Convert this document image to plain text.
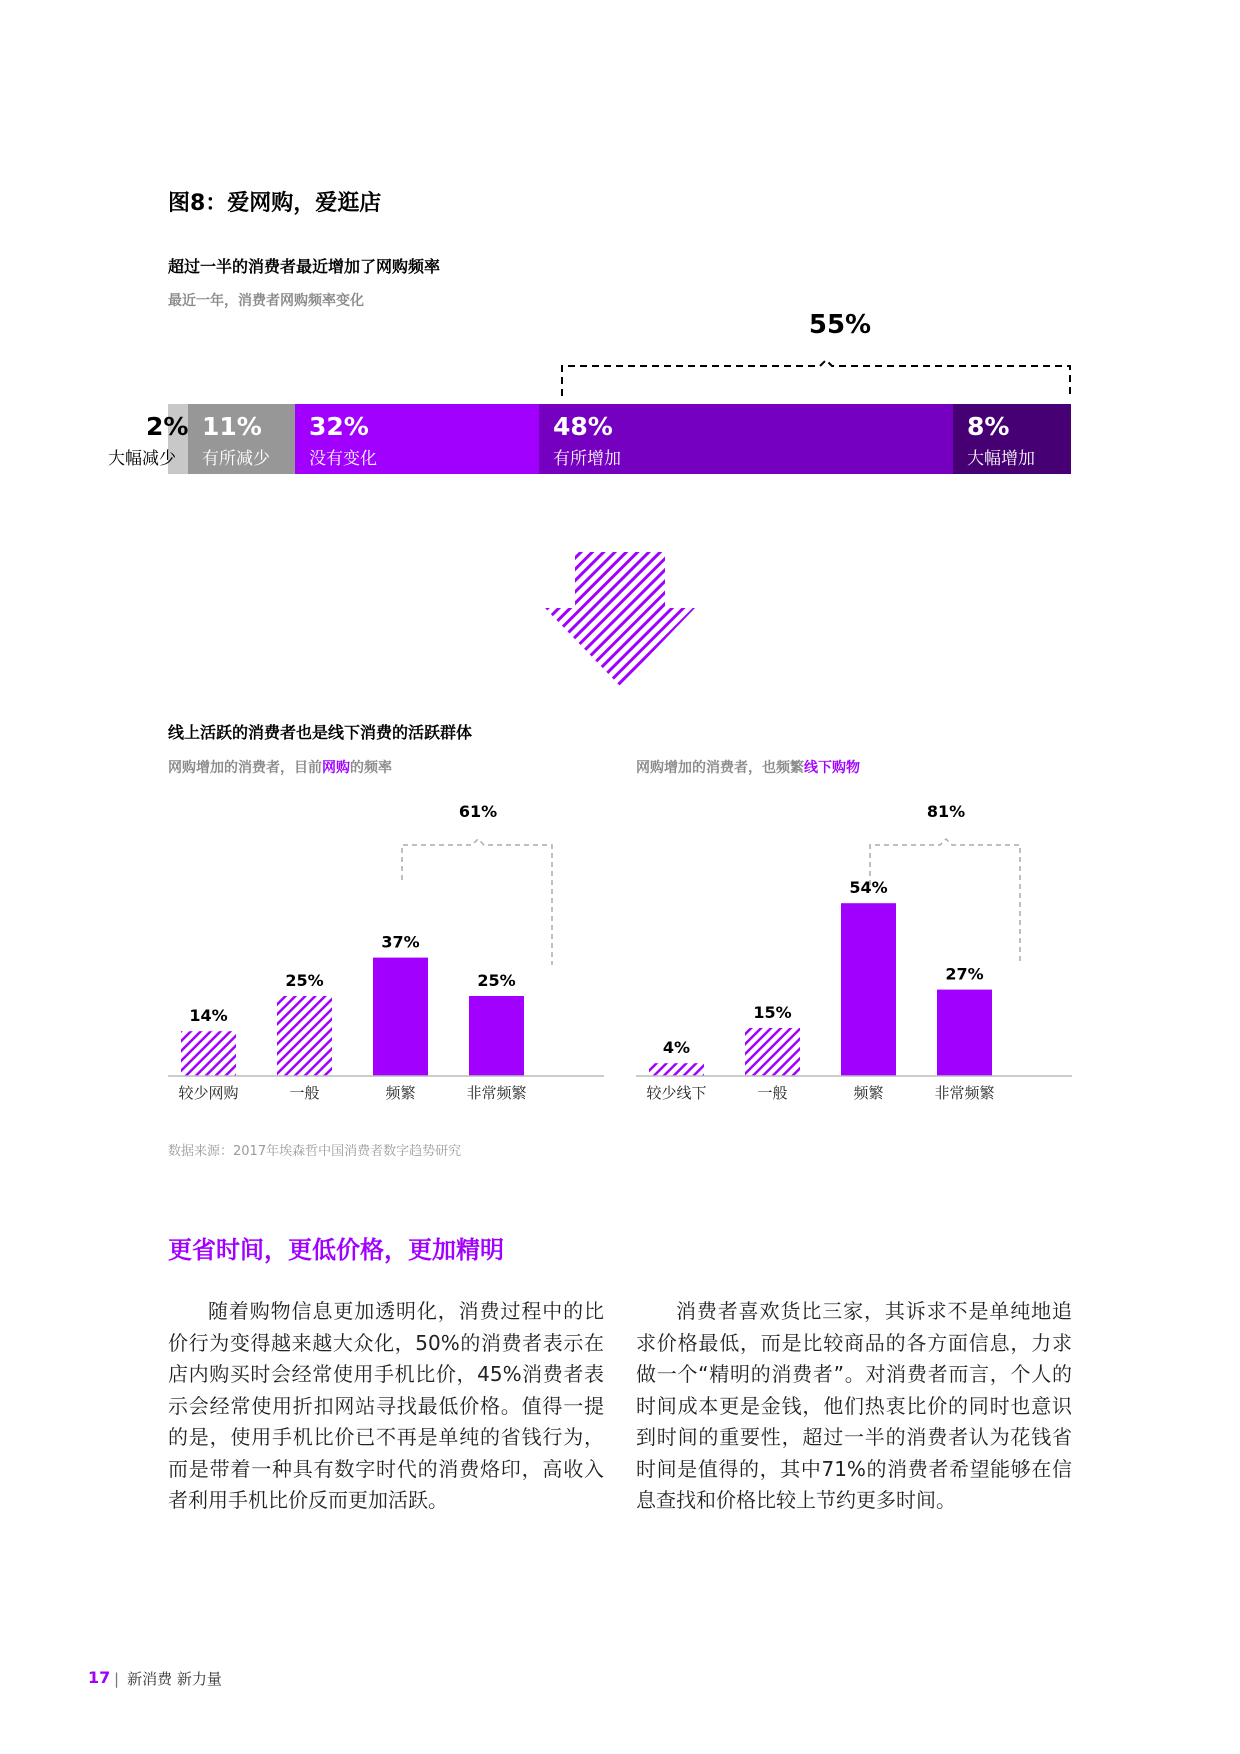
图8：爱网购，爱逛店
超过一半的消费者最近增加了网购频率
最近一年，消费者网购频率变化
55%
11%
有所减少
32%
没有变化
48%
有所增加
8%
大幅增加
2%
大幅减少
线上活跃的消费者也是线下消费的活跃群体
网购增加的消费者，目前网购的频率	网购增加的消费者，也频繁线下购物
14%
较少网购
25%
一般
37%
频繁
25%
非常频繁
61%
4%
较少线下
15%
一般
54%
频繁
27%
非常频繁
81%
数据来源：2017年埃森哲中国消费者数字趋势研究
更省时间，更低价格，更加精明
随着购物信息更加透明化，消费过程中的比价行为变得越来越大众化，50%的消费者表示在店内购买时会经常使用手机比价，45%消费者表示会经常使用折扣网站寻找最低价格。值得一提的是，使用手机比价已不再是单纯的省钱行为，而是带着一种具有数字时代的消费烙印，高收入者利用手机比价反而更加活跃。
消费者喜欢货比三家，其诉求不是单纯地追求价格最低，而是比较商品的各方面信息，力求做一个“精明的消费者”。对消费者而言，个人的时间成本更是金钱，他们热衷比价的同时也意识到时间的重要性，超过一半的消费者认为花钱省时间是值得的，其中71%的消费者希望能够在信息查找和价格比较上节约更多时间。
17 | 新消费 新力量
